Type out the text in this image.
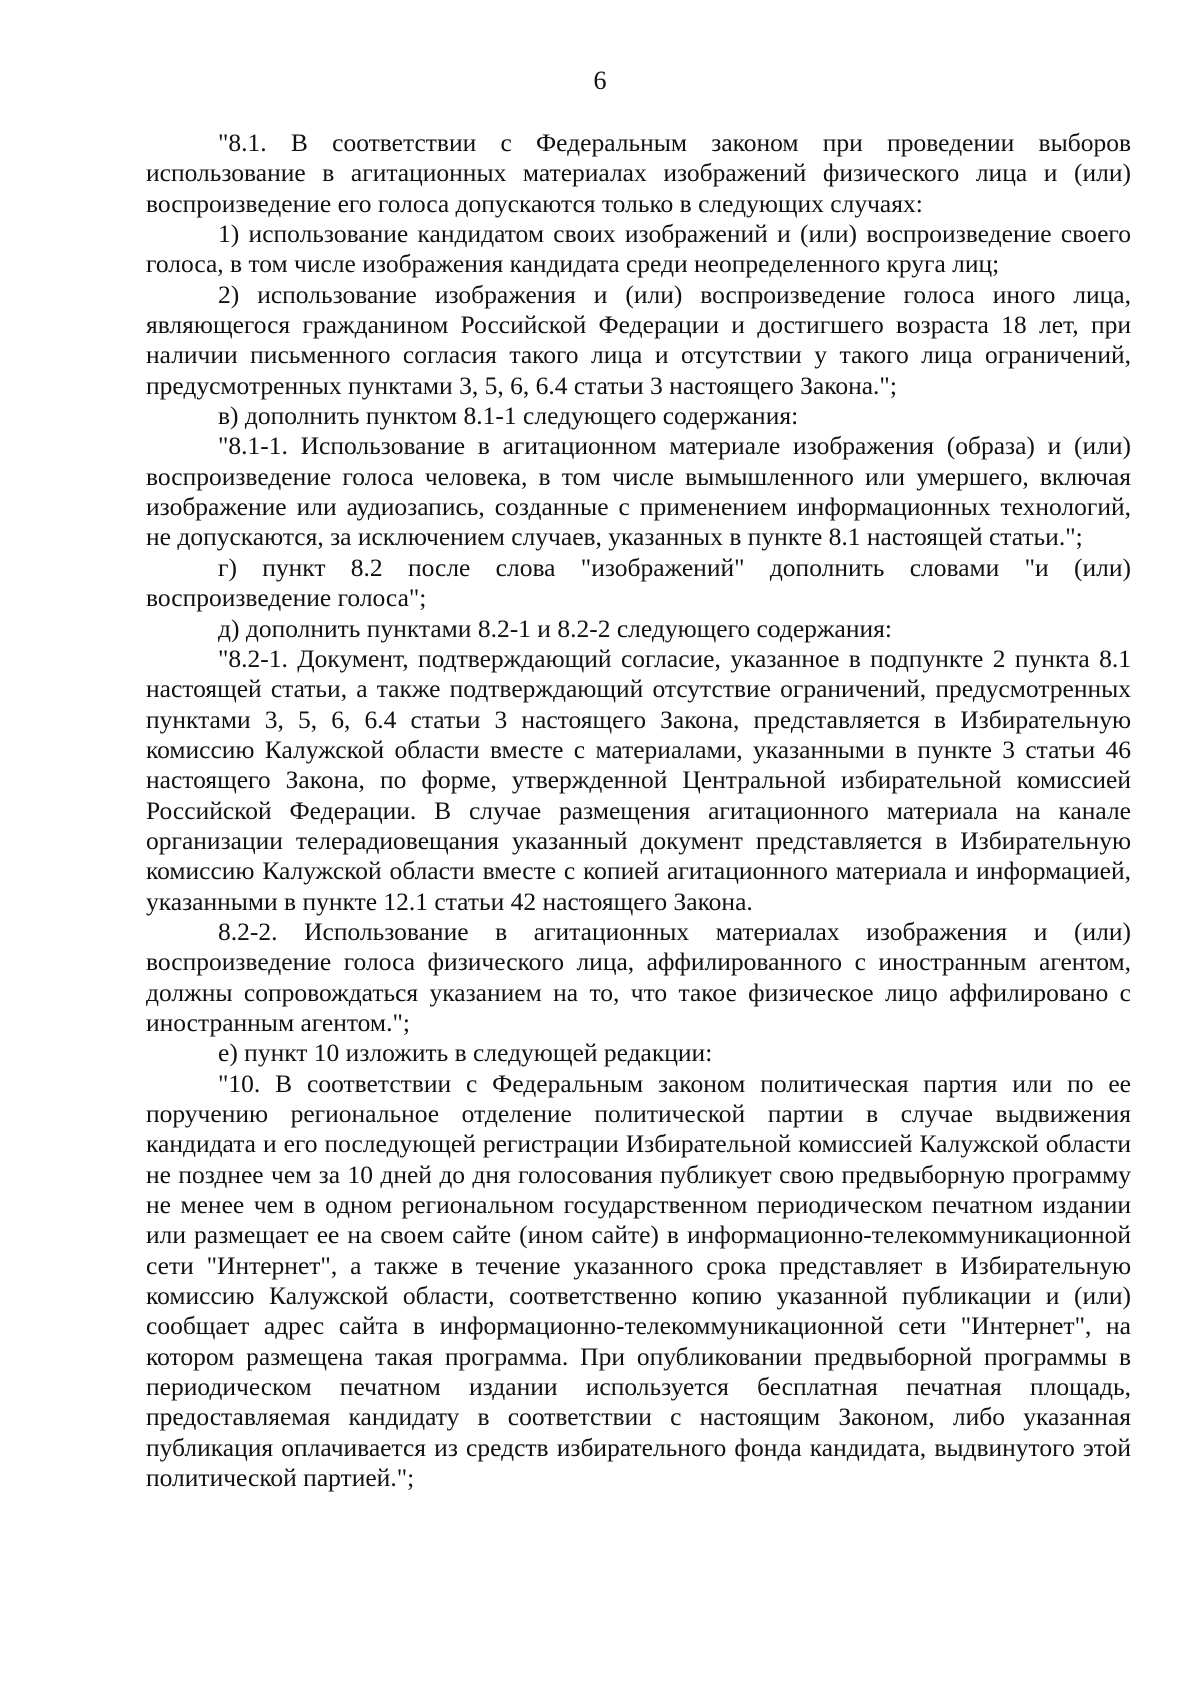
6

"8.1. В соответствии с Федеральным законом при проведении выборов использование в агитационных материалах изображений физического лица и (или) воспроизведение его голоса допускаются только в следующих случаях:

1) использование кандидатом своих изображений и (или) воспроизведение своего голоса, в том числе изображения кандидата среди неопределенного круга лиц;

2) использование изображения и (или) воспроизведение голоса иного лица, являющегося гражданином Российской Федерации и достигшего возраста 18 лет, при наличии письменного согласия такого лица и отсутствии у такого лица ограничений, предусмотренных пунктами 3, 5, 6, 6.4 статьи 3 настоящего Закона.";

в) дополнить пунктом 8.1-1 следующего содержания:

"8.1-1. Использование в агитационном материале изображения (образа) и (или) воспроизведение голоса человека, в том числе вымышленного или умершего, включая изображение или аудиозапись, созданные с применением информационных технологий, не допускаются, за исключением случаев, указанных в пункте 8.1 настоящей статьи.";

г) пункт 8.2 после слова "изображений" дополнить словами "и (или) воспроизведение голоса";

д) дополнить пунктами 8.2-1 и 8.2-2 следующего содержания:

"8.2-1. Документ, подтверждающий согласие, указанное в подпункте 2 пункта 8.1 настоящей статьи, а также подтверждающий отсутствие ограничений, предусмотренных пунктами 3, 5, 6, 6.4 статьи 3 настоящего Закона, представляется в Избирательную комиссию Калужской области вместе с материалами, указанными в пункте 3 статьи 46 настоящего Закона, по форме, утвержденной Центральной избирательной комиссией Российской Федерации. В случае размещения агитационного материала на канале организации телерадиовещания указанный документ представляется в Избирательную комиссию Калужской области вместе с копией агитационного материала и информацией, указанными в пункте 12.1 статьи 42 настоящего Закона.

8.2-2. Использование в агитационных материалах изображения и (или) воспроизведение голоса физического лица, аффилированного с иностранным агентом, должны сопровождаться указанием на то, что такое физическое лицо аффилировано с иностранным агентом.";

е) пункт 10 изложить в следующей редакции:

"10. В соответствии с Федеральным законом политическая партия или по ее поручению региональное отделение политической партии в случае выдвижения кандидата и его последующей регистрации Избирательной комиссией Калужской области не позднее чем за 10 дней до дня голосования публикует свою предвыборную программу не менее чем в одном региональном государственном периодическом печатном издании или размещает ее на своем сайте (ином сайте) в информационно-телекоммуникационной сети "Интернет", а также в течение указанного срока представляет в Избирательную комиссию Калужской области, соответственно копию указанной публикации и (или) сообщает адрес сайта в информационно-телекоммуникационной сети "Интернет", на котором размещена такая программа. При опубликовании предвыборной программы в периодическом печатном издании используется бесплатная печатная площадь, предоставляемая кандидату в соответствии с настоящим Законом, либо указанная публикация оплачивается из средств избирательного фонда кандидата, выдвинутого этой политической партией.";
